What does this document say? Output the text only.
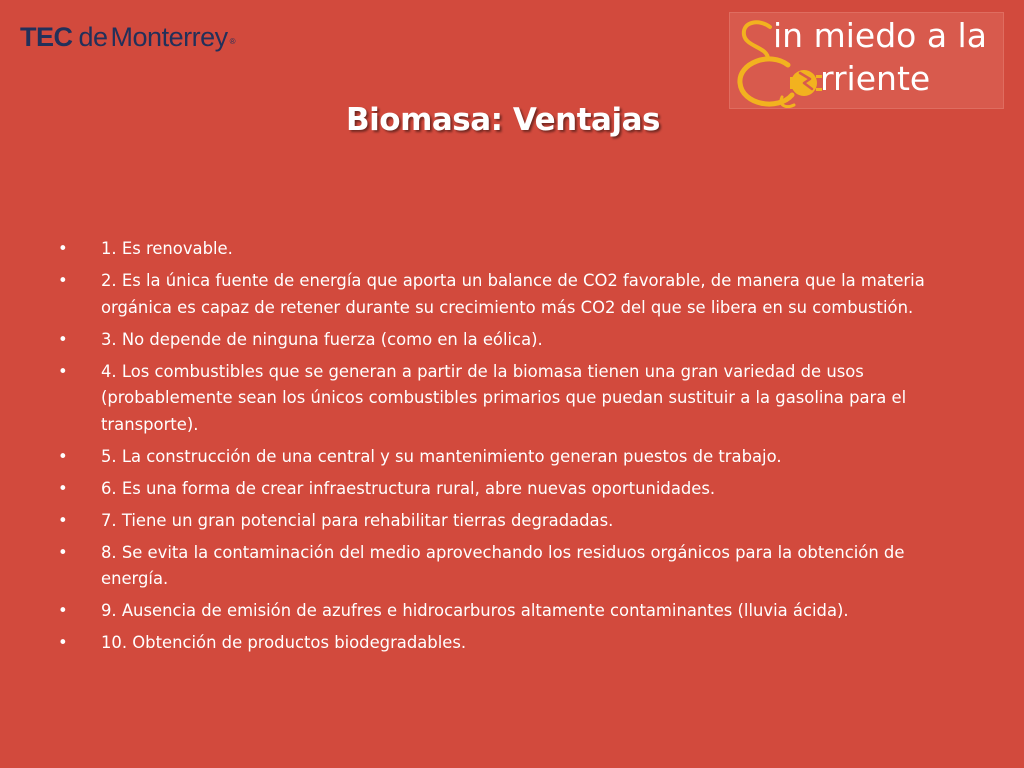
TEC de Monterrey ®	in miedo a la
rriente
Biomasa: Ventajas
• 1. Es renovable.
• 2. Es la única fuente de energía que aporta un balance de CO2 favorable, de manera que la materia orgánica es capaz de retener durante su crecimiento más CO2 del que se libera en su combustión.
• 3. No depende de ninguna fuerza (como en la eólica).
• 4. Los combustibles que se generan a partir de la biomasa tienen una gran variedad de usos (probablemente sean los únicos combustibles primarios que puedan sustituir a la gasolina para el transporte).
• 5. La construcción de una central y su mantenimiento generan puestos de trabajo.
• 6. Es una forma de crear infraestructura rural, abre nuevas oportunidades.
• 7. Tiene un gran potencial para rehabilitar tierras degradadas.
• 8. Se evita la contaminación del medio aprovechando los residuos orgánicos para la obtención de energía.
• 9. Ausencia de emisión de azufres e hidrocarburos altamente contaminantes (lluvia ácida).
• 10. Obtención de productos biodegradables.
